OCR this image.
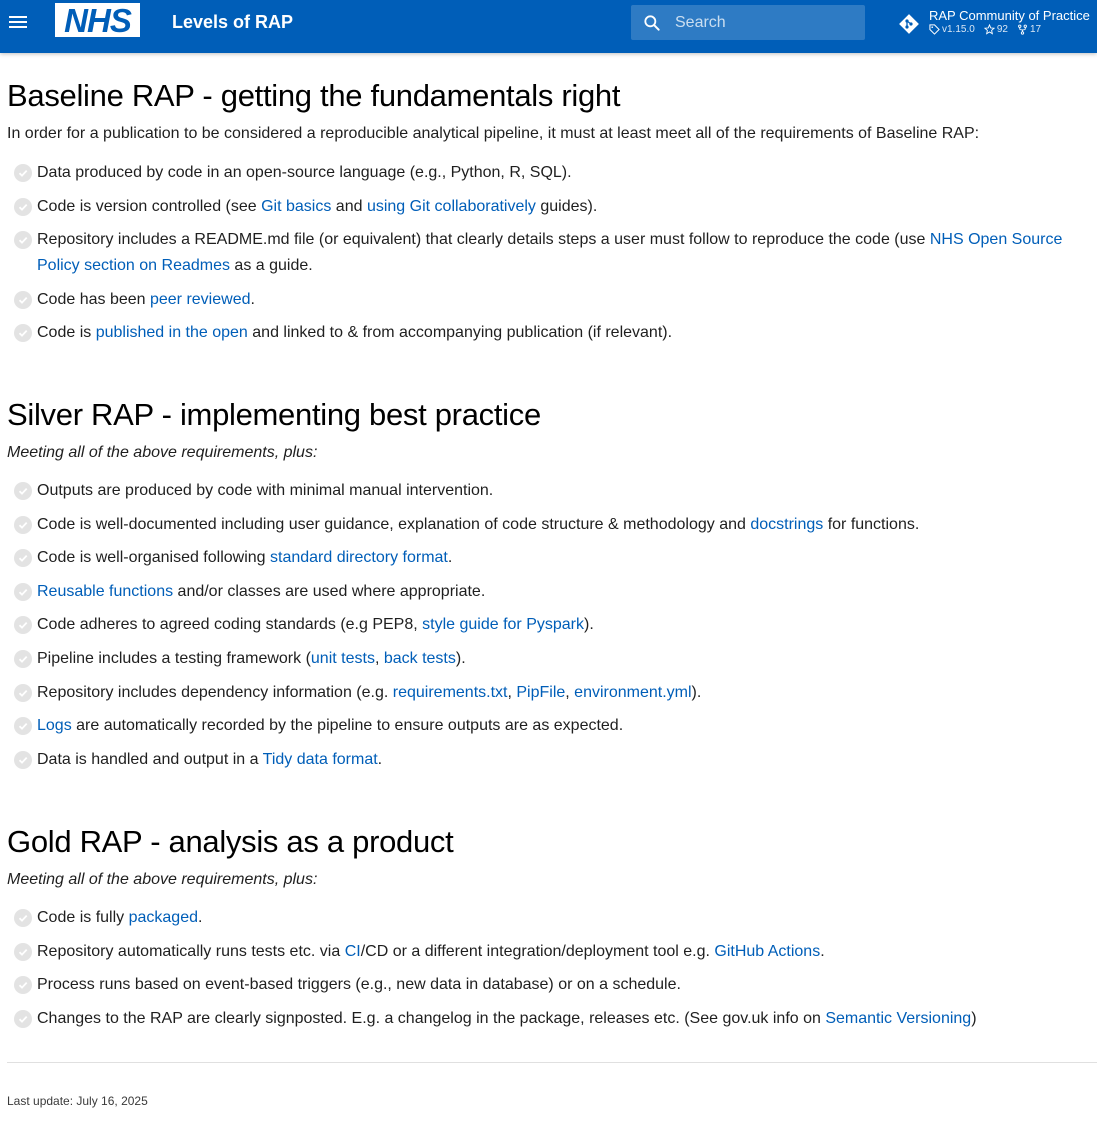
NHS Levels of RAP
Search	RAP Community of Practice
v1.15.0 92 17
Baseline RAP - getting the fundamentals right

In order for a publication to be considered a reproducible analytical pipeline, it must at least meet all of the requirements of Baseline RAP:

Data produced by code in an open-source language (e.g., Python, R, SQL).
Code is version controlled (see Git basics and using Git collaboratively guides).
Repository includes a README.md file (or equivalent) that clearly details steps a user must follow to reproduce the code (use NHS Open Source Policy section on Readmes as a guide.
Code has been peer reviewed.
Code is published in the open and linked to & from accompanying publication (if relevant).
Silver RAP - implementing best practice

Meeting all of the above requirements, plus:

Outputs are produced by code with minimal manual intervention.
Code is well-documented including user guidance, explanation of code structure & methodology and docstrings for functions.
Code is well-organised following standard directory format.
Reusable functions and/or classes are used where appropriate.
Code adheres to agreed coding standards (e.g PEP8, style guide for Pyspark).
Pipeline includes a testing framework (unit tests, back tests).
Repository includes dependency information (e.g. requirements.txt, PipFile, environment.yml).
Logs are automatically recorded by the pipeline to ensure outputs are as expected.
Data is handled and output in a Tidy data format.
Gold RAP - analysis as a product

Meeting all of the above requirements, plus:

Code is fully packaged.
Repository automatically runs tests etc. via CI/CD or a different integration/deployment tool e.g. GitHub Actions.
Process runs based on event-based triggers (e.g., new data in database) or on a schedule.
Changes to the RAP are clearly signposted. E.g. a changelog in the package, releases etc. (See gov.uk info on Semantic Versioning)
Last update: July 16, 2025
